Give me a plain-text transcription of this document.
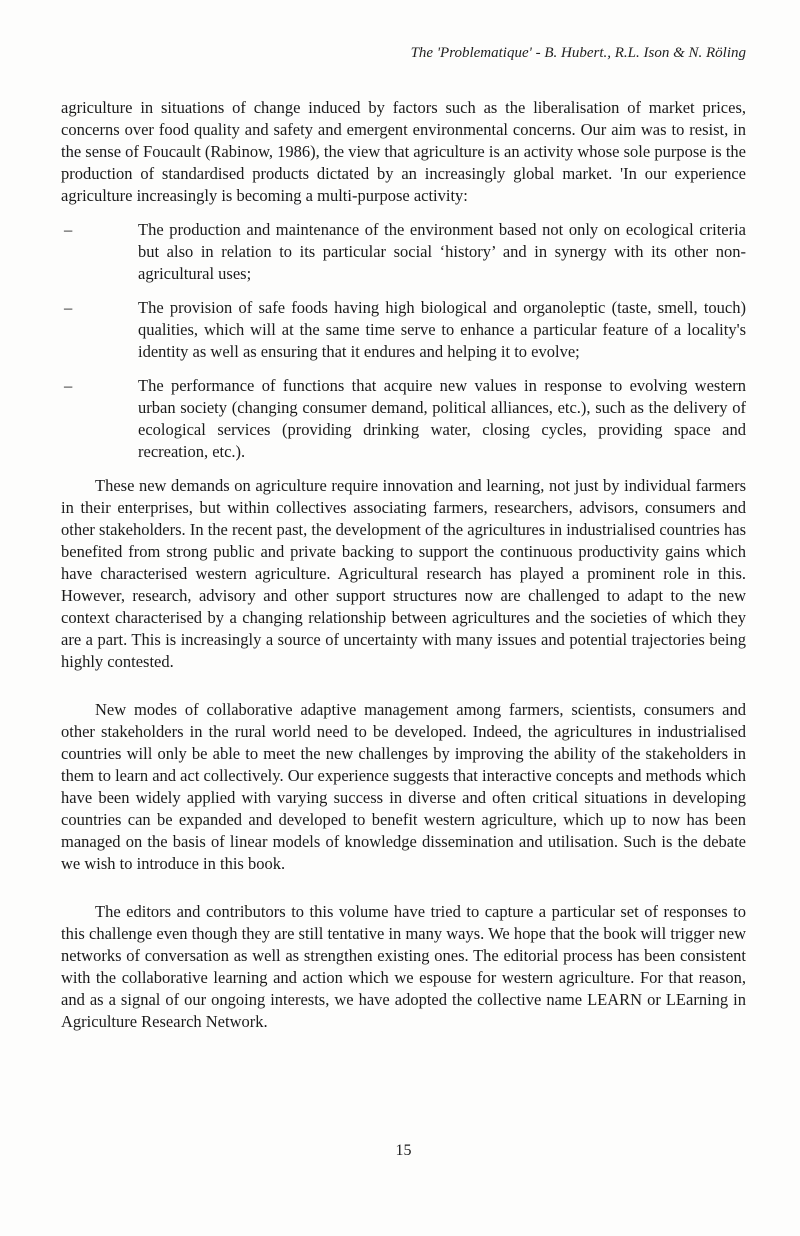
The 'Problematique' - B. Hubert., R.L. Ison & N. Röling

agriculture in situations of change induced by factors such as the liberalisation of market prices, concerns over food quality and safety and emergent environmental concerns. Our aim was to resist, in the sense of Foucault (Rabinow, 1986), the view that agriculture is an activity whose sole purpose is the production of standardised products dictated by an increasingly global market. 'In our experience agriculture increasingly is becoming a multi-purpose activity:

–	The production and maintenance of the environment based not only on ecological criteria but also in relation to its particular social ‘history’ and in synergy with its other non-agricultural uses;
–	The provision of safe foods having high biological and organoleptic (taste, smell, touch) qualities, which will at the same time serve to enhance a particular feature of a locality's identity as well as ensuring that it endures and helping it to evolve;
–	The performance of functions that acquire new values in response to evolving western urban society (changing consumer demand, political alliances, etc.), such as the delivery of ecological services (providing drinking water, closing cycles, providing space and recreation, etc.).

These new demands on agriculture require innovation and learning, not just by individual farmers in their enterprises, but within collectives associating farmers, researchers, advisors, consumers and other stakeholders. In the recent past, the development of the agricultures in industrialised countries has benefited from strong public and private backing to support the continuous productivity gains which have characterised western agriculture. Agricultural research has played a prominent role in this. However, research, advisory and other support structures now are challenged to adapt to the new context characterised by a changing relationship between agricultures and the societies of which they are a part. This is increasingly a source of uncertainty with many issues and potential trajectories being highly contested.

New modes of collaborative adaptive management among farmers, scientists, consumers and other stakeholders in the rural world need to be developed. Indeed, the agricultures in industrialised countries will only be able to meet the new challenges by improving the ability of the stakeholders in them to learn and act collectively. Our experience suggests that interactive concepts and methods which have been widely applied with varying success in diverse and often critical situations in developing countries can be expanded and developed to benefit western agriculture, which up to now has been managed on the basis of linear models of knowledge dissemination and utilisation. Such is the debate we wish to introduce in this book.

The editors and contributors to this volume have tried to capture a particular set of responses to this challenge even though they are still tentative in many ways. We hope that the book will trigger new networks of conversation as well as strengthen existing ones. The editorial process has been consistent with the collaborative learning and action which we espouse for western agriculture. For that reason, and as a signal of our ongoing interests, we have adopted the collective name LEARN or LEarning in Agriculture Research Network.

15
